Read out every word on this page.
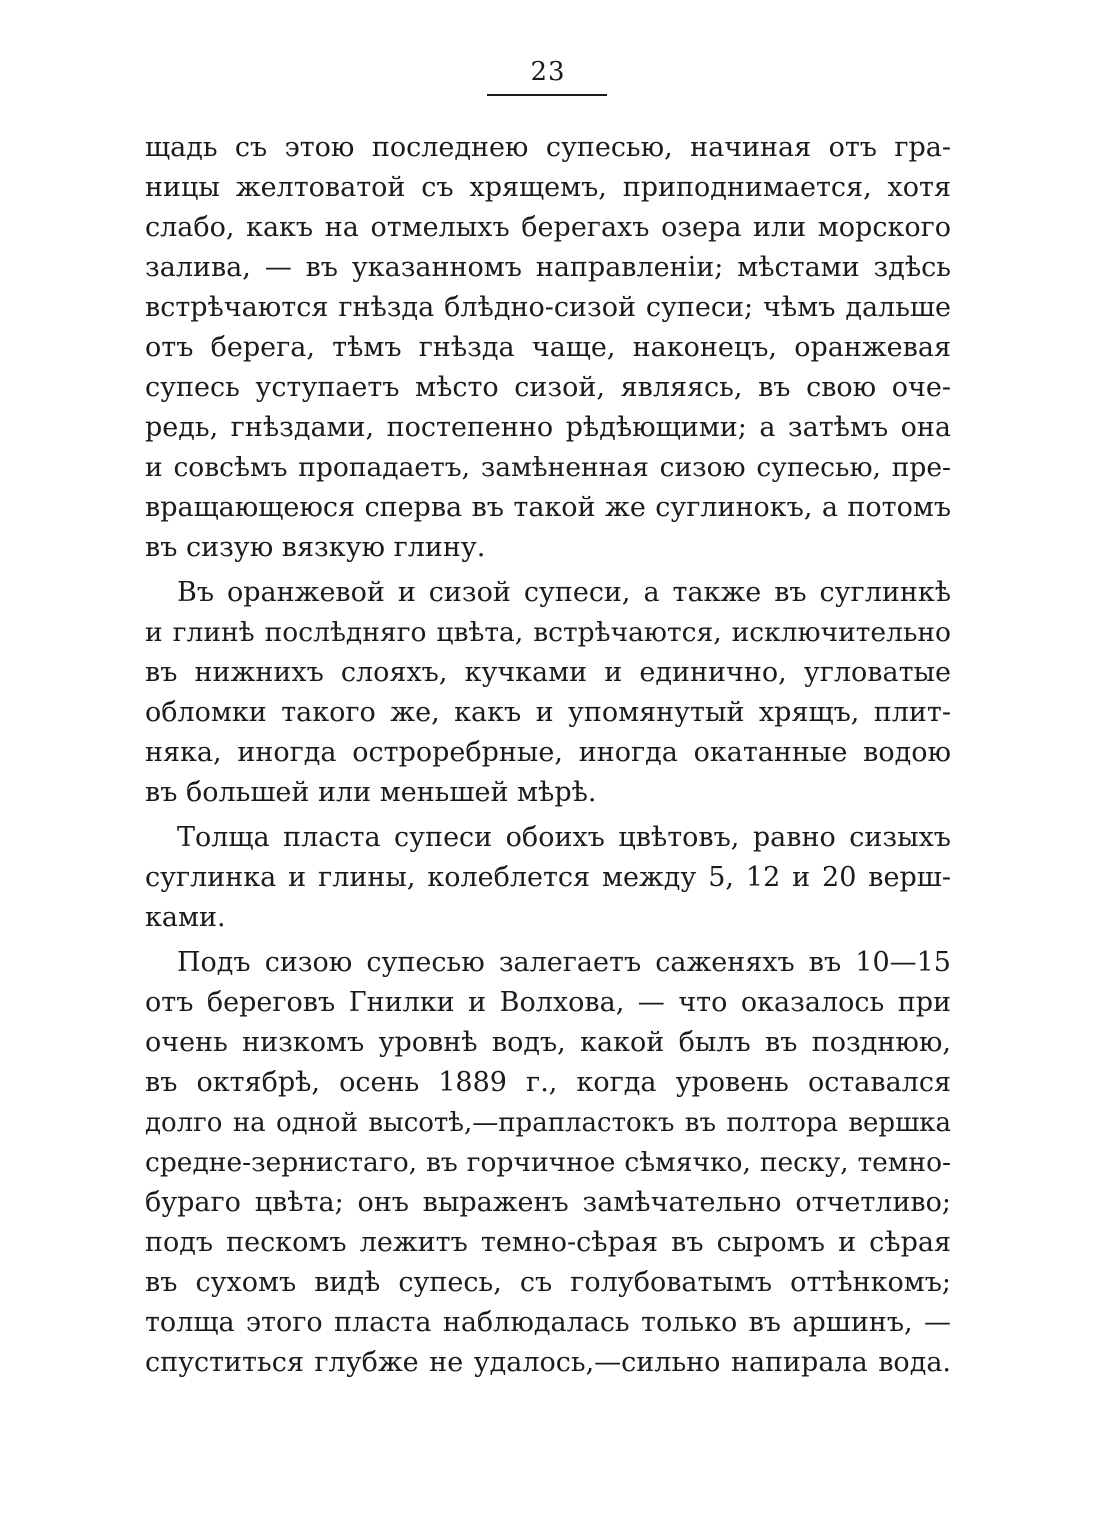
23
щадь съ этою последнею супесью, начиная отъ гра-
ницы желтоватой съ хрящемъ, приподнимается, хотя
слабо, какъ на отмелыхъ берегахъ озера или морского
залива, — въ указанномъ направленіи; мѣстами здѣсь
встрѣчаются гнѣзда блѣдно-сизой супеси; чѣмъ дальше
отъ берега, тѣмъ гнѣзда чаще, наконецъ, оранжевая
супесь уступаетъ мѣсто сизой, являясь, въ свою оче-
редь, гнѣздами, постепенно рѣдѣющими; а затѣмъ она
и совсѣмъ пропадаетъ, замѣненная сизою супесью, пре-
вращающеюся сперва въ такой же суглинокъ, а потомъ
въ сизую вязкую глину.
Въ оранжевой и сизой супеси, а также въ суглинкѣ
и глинѣ послѣдняго цвѣта, встрѣчаются, исключительно
въ нижнихъ слояхъ, кучками и единично, угловатые
обломки такого же, какъ и упомянутый хрящъ, плит-
няка, иногда остроребрные, иногда окатанные водою
въ большей или меньшей мѣрѣ.
Толща пласта супеси обоихъ цвѣтовъ, равно сизыхъ
суглинка и глины, колеблется между 5, 12 и 20 верш-
ками.
Подъ сизою супесью залегаетъ саженяхъ въ 10—15
отъ береговъ Гнилки и Волхова, — что оказалось при
очень низкомъ уровнѣ водъ, какой былъ въ позднюю,
въ октябрѣ, осень 1889 г., когда уровень оставался
долго на одной высотѣ,—прапластокъ въ полтора вершка
средне-зернистаго, въ горчичное сѣмячко, песку, темно-
бураго цвѣта; онъ выраженъ замѣчательно отчетливо;
подъ пескомъ лежитъ темно-сѣрая въ сыромъ и сѣрая
въ сухомъ видѣ супесь, съ голубоватымъ оттѣнкомъ;
толща этого пласта наблюдалась только въ аршинъ, —
спуститься глубже не удалось,—сильно напирала вода.
